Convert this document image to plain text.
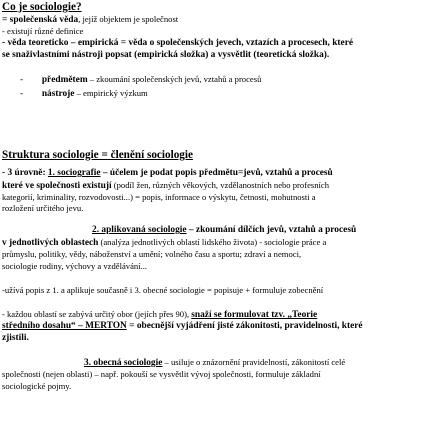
Co je sociologie?
= společenská věda, jejíž objektem je společnost
- existují různé definice
- věda teoreticko – empirická = věda o společenských jevech, vztazích a procesech, které
se snaživlastními nástroji popsat (empirická složka) a vysvětlit (teoretická složka).
- předmětem – zkoumání společenských jevů, vztahů a procesů
- nástroje – empirický výzkum
Struktura sociologie = členění sociologie
- 3 úrovně: 1. sociografie – účelem je podat popis předmětu=jevů, vztahů a procesů
které ve společnosti existují (podíl žen, různých věkových, vzdělanostních nebo profesních
kategorií, kriminality, rozvodovosti...) = popis, informace o výskytu, četnosti, mohutnosti a
rozložení určitého jevu.
2. aplikovaná sociologie – zkoumání dílčích jevů, vztahů a procesů
v jednotlivých oblastech (analýza jednotlivých oblastí lidského života) - sociologie práce a
průmyslu, politiky, vědy, náboženství a umění; volného času a sportu; zdraví a nemoci,
sociologie rodiny, výchovy a vzdělávání...
-užívá popis z 1. a aplikuje současně i 3. obecné sociologie = popisuje + formuluje zobecnění
- každou oblastí se zabývá určitý obor (jejích přes 90), snaží se formulovat tzv. „Teorie
středního dosahu“ – MERTON = obecnější vyjádření jisté zákonitosti, pravidelnosti, které
zjistili.
3. obecná sociologie – usiluje o znázornění pravidelností, zákonitostí celé
společnosti (nejen oblasti) – např. pokouší se vysvětlit vývoj společnosti, formuluje základní
sociologické pojmy.
